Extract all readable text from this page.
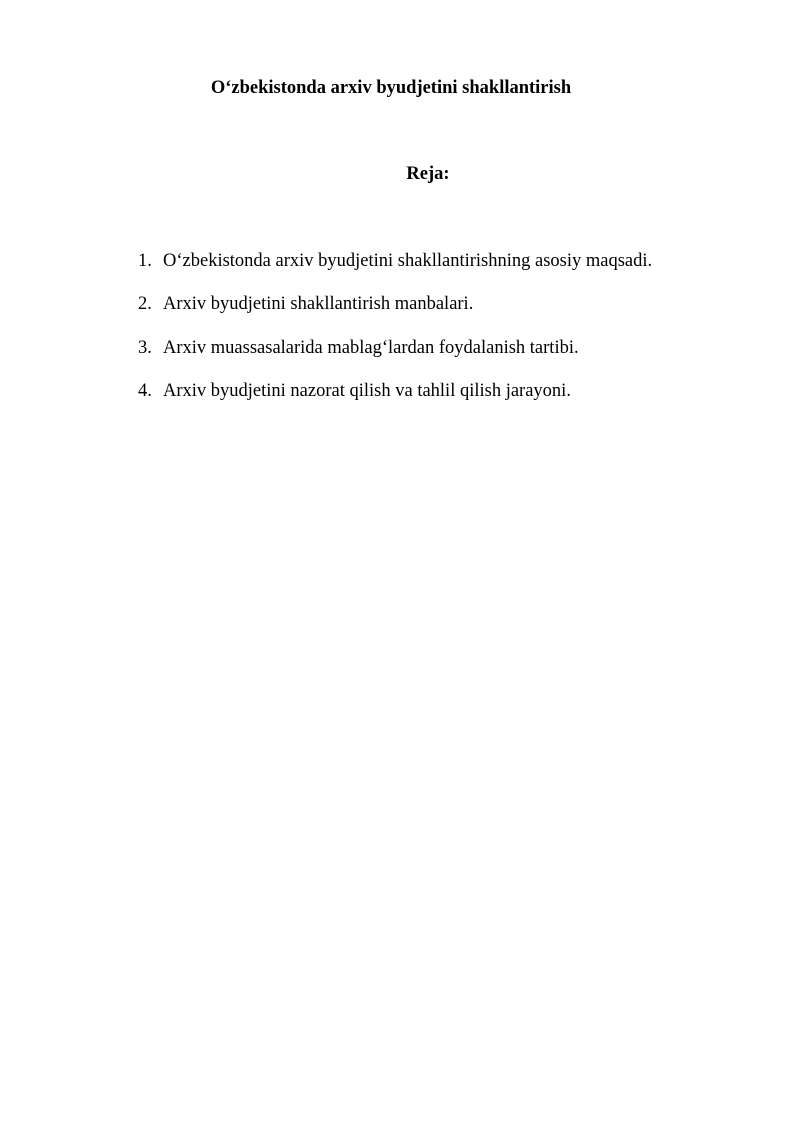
O‘zbekistonda arxiv byudjetini shakllantirish
Reja:
1. O‘zbekistonda arxiv byudjetini shakllantirishning asosiy maqsadi.
2. Arxiv byudjetini shakllantirish manbalari.
3. Arxiv muassasalarida mablag‘lardan foydalanish tartibi.
4. Arxiv byudjetini nazorat qilish va tahlil qilish jarayoni.
